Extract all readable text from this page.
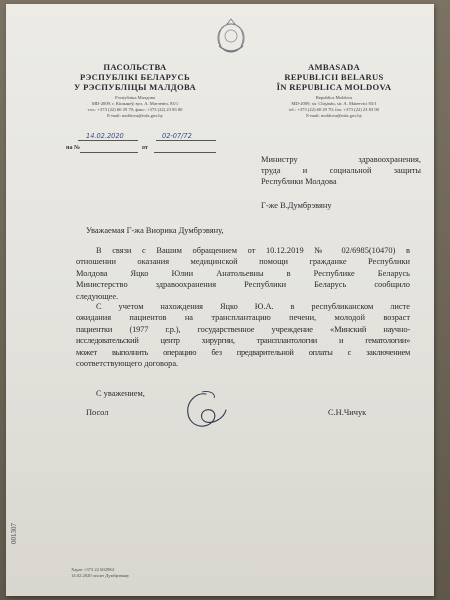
ПАСОЛЬСТВА
РЭСПУБЛІКІ БЕЛАРУСЬ
У РЭСПУБЛІЦЫ МАЛДОВА
Рэспубліка Малдова
MD-2009, г. Кішынеў, вул. А. Матэевіч, 83/1
тэл.: +373 (22) 60 29 70; факс: +373 (22) 23 83 00
E-mail: moldova@mfa.gov.by
AMBASADA
REPUBLICII BELARUS
ÎN REPUBLICA MOLDOVA
Republica Moldova
MD-2009, str. Chişinău, str. A. Mateevici 83/1
tel.: +373 (22) 60 29 70; fax: +373 (22) 23 83 00
E-mail: moldova@mfa.gov.by
14.02.2020	02-07/72
на №	от
Министру здравоохранения,
труда и социальной защиты
Республики Молдова
Г-же В.Думбрэвяну
Уважаемая Г-жа Виорика Думбрэвяну,
В связи с Вашим обращением от 10.12.2019 № 02/6985(10470) в
отношении оказания медицинской помощи гражданке Республики
Молдова Яцко Юлии Анатольевны в Республике Беларусь
Министерство здравоохранения Республики Беларусь сообщило
следующее.
С учетом нахождения Яцко Ю.А. в республиканском листе
ожидания пациентов на трансплантацию печени, молодой возраст
пациентки (1977 г.р.), государственное учреждение «Минский научно-
исследовательский центр хирургии, трансплантологии и гематологии»
может выполнить операцию без предварительной оплаты с заключением
соответствующего договора.
С уважением,
Посол	С.Н.Чичук
001307
Харат +373 22 602984
14.02.2020 лисит Думбрэвяну
